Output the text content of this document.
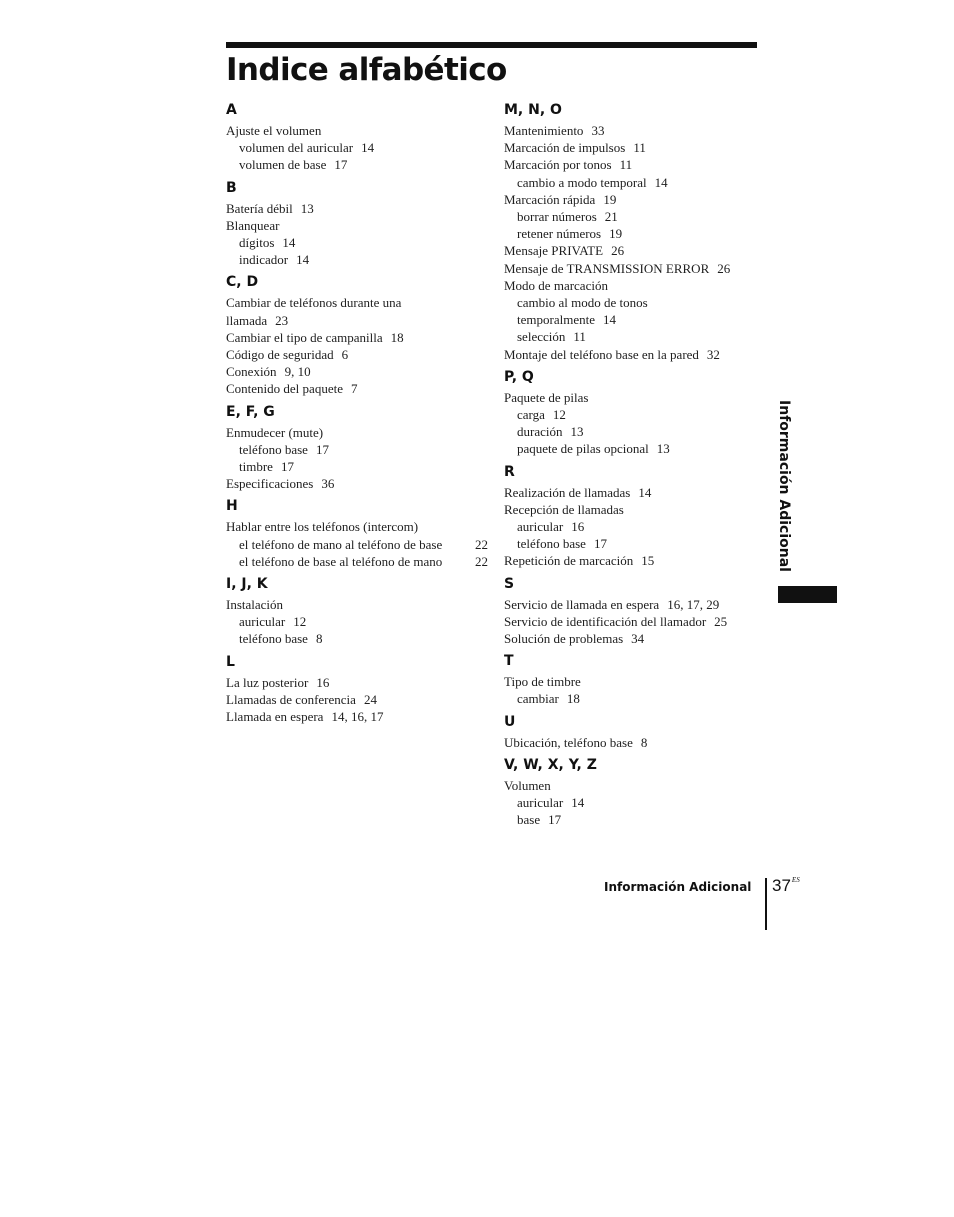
Indice alfabético
A
Ajuste el volumen
volumen del auricular 14
volumen de base 17
B
Batería débil 13
Blanquear
dígitos 14
indicador 14
C, D
Cambiar de teléfonos durante una
llamada 23
Cambiar el tipo de campanilla 18
Código de seguridad 6
Conexión 9, 10
Contenido del paquete 7
E, F, G
Enmudecer (mute)
teléfono base 17
timbre 17
Especificaciones 36
H
Hablar entre los teléfonos (intercom)
el teléfono de mano al teléfono de base	22
el teléfono de base al teléfono de mano	22
I, J, K
Instalación
auricular 12
teléfono base 8
L
La luz posterior 16
Llamadas de conferencia 24
Llamada en espera 14, 16, 17
M, N, O
Mantenimiento 33
Marcación de impulsos 11
Marcación por tonos 11
cambio a modo temporal 14
Marcación rápida 19
borrar números 21
retener números 19
Mensaje PRIVATE 26
Mensaje de TRANSMISSION ERROR 26
Modo de marcación
cambio al modo de tonos
temporalmente 14
selección 11
Montaje del teléfono base en la pared 32
P, Q
Paquete de pilas
carga 12
duración 13
paquete de pilas opcional 13
R
Realización de llamadas 14
Recepción de llamadas
auricular 16
teléfono base 17
Repetición de marcación 15
S
Servicio de llamada en espera 16, 17, 29
Servicio de identificación del llamador 25
Solución de problemas 34
T
Tipo de timbre
cambiar 18
U
Ubicación, teléfono base 8
V, W, X, Y, Z
Volumen
auricular 14
base 17
Información Adicional
Información Adicional $37^{ES}$
